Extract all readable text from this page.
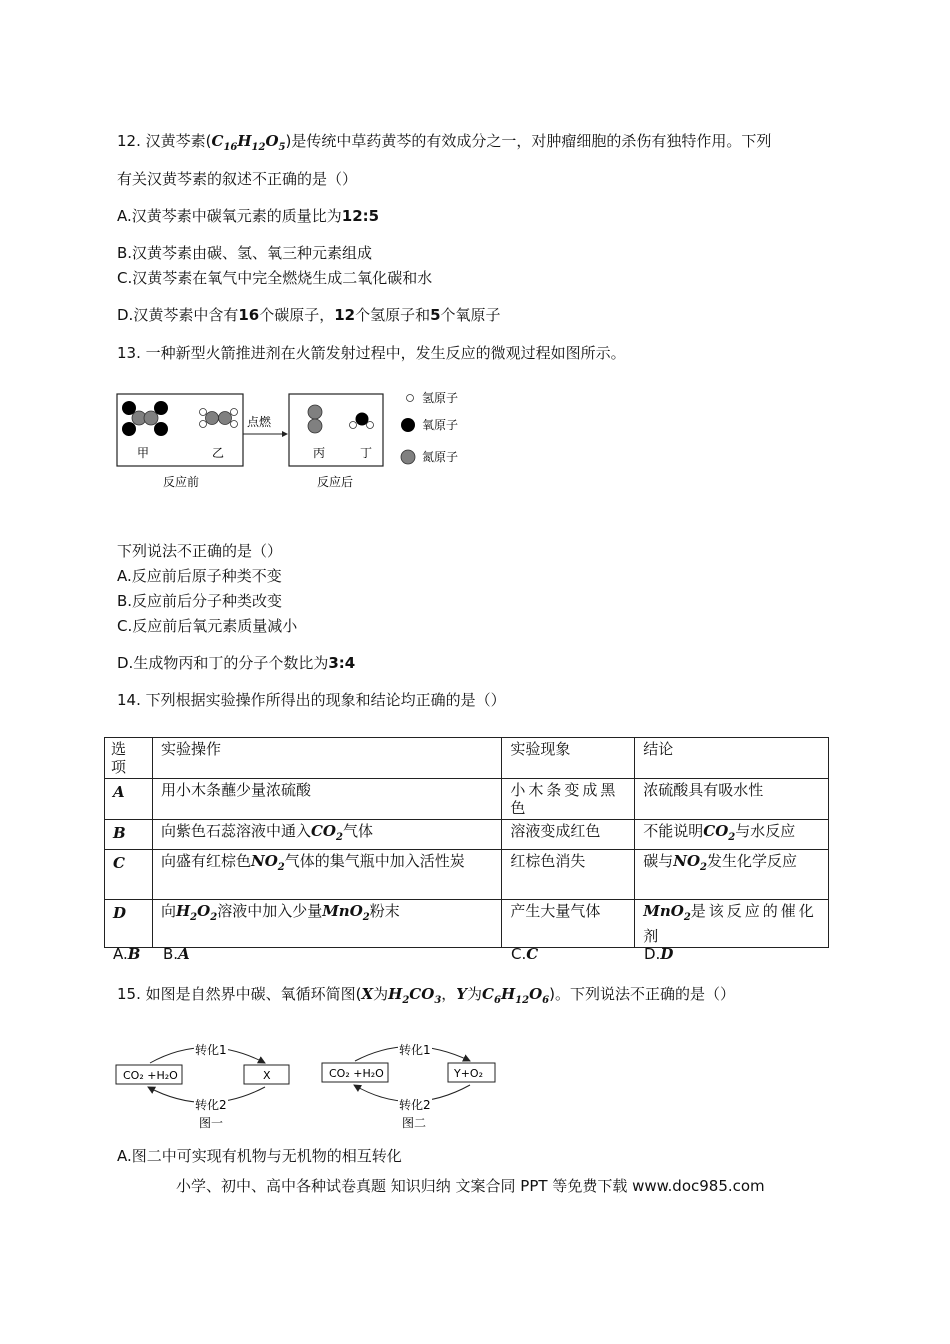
12. 汉黄芩素$(C_{16}H_{12}O_5)$是传统中草药黄芩的有效成分之一，对肿瘤细胞的杀伤有独特作用。下列
有关汉黄芩素的叙述不正确的是（）
A.汉黄芩素中碳氧元素的质量比为12:5
B.汉黄芩素由碳、氢、氧三种元素组成
C.汉黄芩素在氧气中完全燃烧生成二氧化碳和水
D.汉黄芩素中含有16个碳原子，12个氢原子和5个氧原子
13. 一种新型火箭推进剂在火箭发射过程中，发生反应的微观过程如图所示。
甲	乙
点燃
丙	丁
反应前	反应后
氢原子
氧原子
氮原子
下列说法不正确的是（）
A.反应前后原子种类不变
B.反应前后分子种类改变
C.反应前后氧元素质量减小
D.生成物丙和丁的分子个数比为3:4
14. 下列根据实验操作所得出的现象和结论均正确的是（）
选项	实验操作	实验现象	结论
A	用小木条蘸少量浓硫酸	小木条变成黑色	浓硫酸具有吸水性
B	向紫色石蕊溶液中通入$CO_2$气体	溶液变成红色	不能说明$CO_2$与水反应
C	向盛有红棕色$NO_2$气体的集气瓶中加入活性炭	红棕色消失	碳与$NO_2$发生化学反应
D	向$H_2O_2$溶液中加入少量MnO$_2$粉末	产生大量气体	MnO$_2$是该反应的催化剂
A.B B.A	C.C	D.D
15. 如图是自然界中碳、氧循环简图(X为$H_2CO_3$，Y为$C_6H_{12}O_6$)。下列说法不正确的是（）
CO₂ +H₂O	X
转化1
转化2
图一
CO₂ +H₂O	Y+O₂
转化1
转化2
图二
A.图二中可实现有机物与无机物的相互转化
小学、初中、高中各种试卷真题 知识归纳 文案合同 PPT 等免费下载 www.doc985.com
